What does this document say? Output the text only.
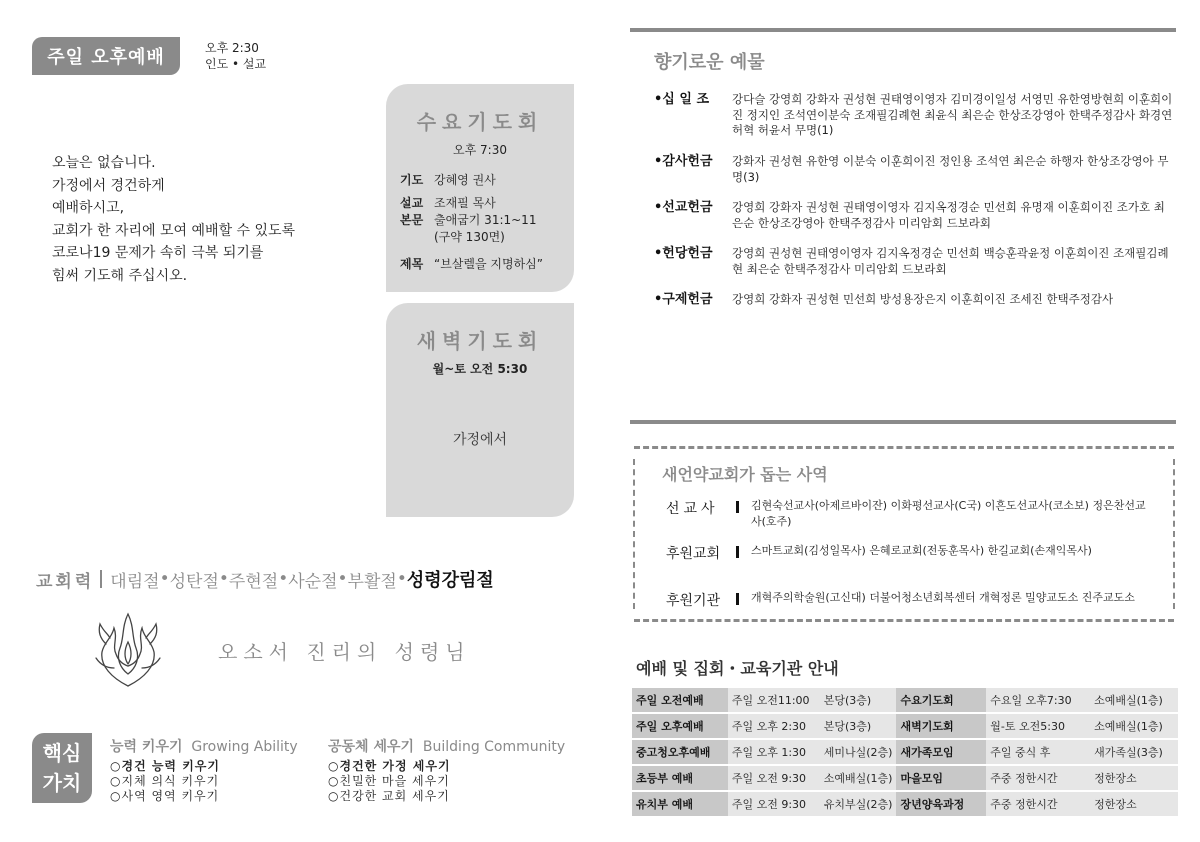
주일 오후예배	오후 2:30
인도 • 설교
오늘은 없습니다.
가정에서 경건하게
예배하시고,
교회가 한 자리에 모여 예배할 수 있도록
코로나19 문제가 속히 극복 되기를
힘써 기도해 주십시오.
수요기도회
오후 7:30
기도 강혜영 권사
설교 조재필 목사
본문 출애굽기 31:1~11
(구약 130면)
제목 “브살렐을 지명하심”
새벽기도회
월~토 오전 5:30
가정에서
교회력 대림절 • 성탄절 • 주현절 • 사순절 • 부활절 • 성령강림절
오소서 진리의 성령님
핵심
가치
능력 키우기 Growing Ability
○경건 능력 키우기
○지체 의식 키우기
○사역 영역 키우기
공동체 세우기 Building Community
○경건한 가정 세우기
○친밀한 마을 세우기
○건강한 교회 세우기
향기로운 예물
•십 일 조	강다슬 강영희 강화자 권성현 권태영이영자 김미경이일성 서영민 유한영방현희 이훈희이진 정지인 조석연이분숙 조재필김례현 최윤식 최은순 한상조강영아 한택주정감사 화경연 허혁 허윤서 무명(1)
•감사헌금	강화자 권성현 유한영 이분숙 이훈희이진 정인용 조석연 최은순 하행자 한상조강영아 무명(3)
•선교헌금	강영희 강화자 권성현 권태영이영자 김지옥정경순 민선희 유명재 이훈희이진 조가호 최은순 한상조강영아 한택주정감사 미리암회 드보라회
•헌당헌금	강영희 권성현 권태영이영자 김지옥정경순 민선희 백승훈곽윤정 이훈희이진 조재필김례현 최은순 한택주정감사 미리암회 드보라회
•구제헌금	강영희 강화자 권성현 민선희 방성용장은지 이훈희이진 조세진 한택주정감사
새언약교회가 돕는 사역
선교사	김현숙선교사(아제르바이잔) 이화평선교사(C국) 이흔도선교사(코소보) 정은찬선교사(호주)
후원교회	스마트교회(김성일목사) 은혜로교회(전동훈목사) 한길교회(손재익목사)
후원기관	개혁주의학술원(고신대) 더불어청소년회복센터 개혁정론 밀양교도소 진주교도소
예배 및 집회・교육기관 안내
주일 오전예배	주일 오전11:00	본당(3층)	수요기도회	수요일 오후7:30	소예배실(1층)
주일 오후예배	주일 오후 2:30	본당(3층)	새벽기도회	월-토 오전5:30	소예배실(1층)
중고청오후예배	주일 오후 1:30	세미나실(2층)	새가족모임	주일 중식 후	새가족실(3층)
초등부 예배	주일 오전 9:30	소예배실(1층)	마을모임	주중 정한시간	정한장소
유치부 예배	주일 오전 9:30	유치부실(2층)	장년양육과정	주중 정한시간	정한장소
